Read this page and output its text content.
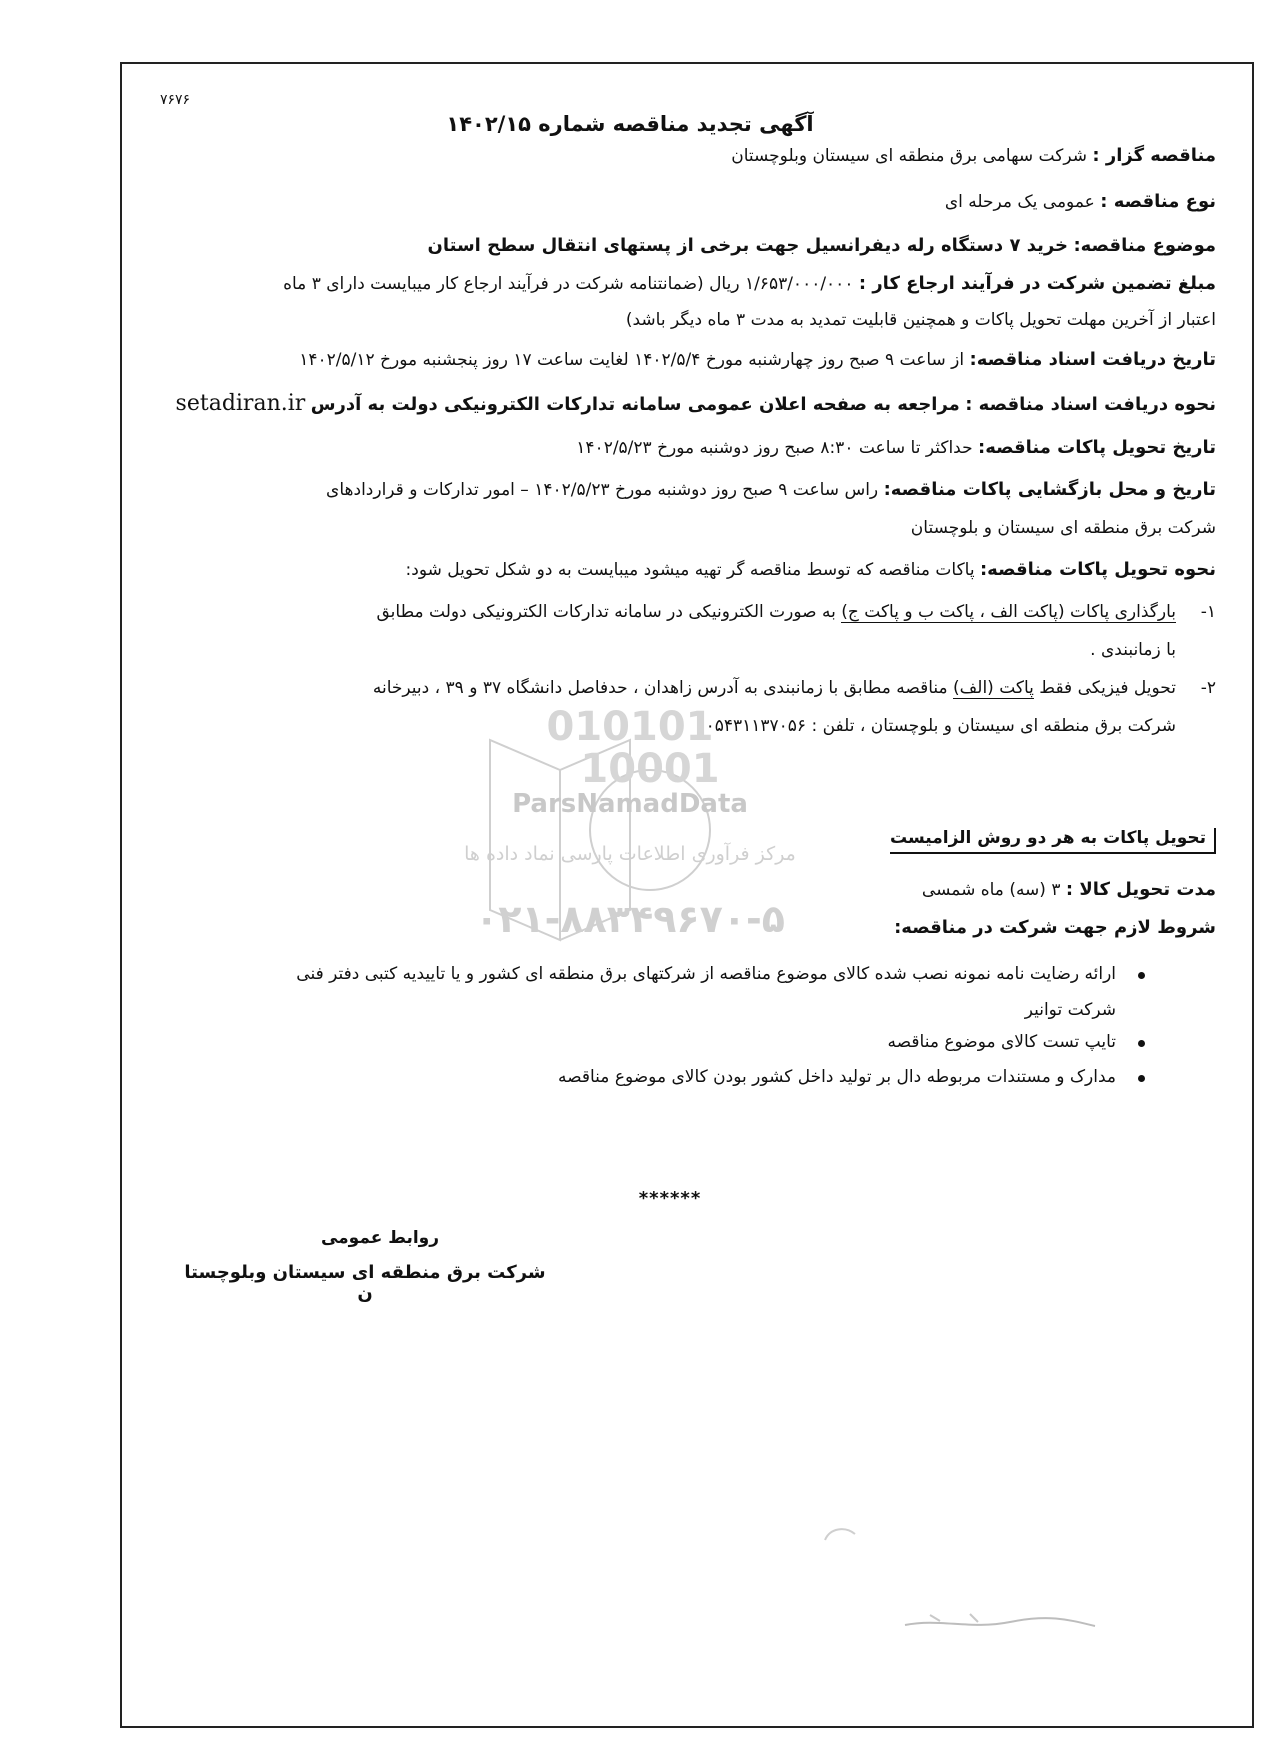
۷۶۷۶
آگهی تجدید مناقصه شماره ۱۴۰۲/۱۵
010101
10001
ParsNamadData
مرکز فرآوری اطلاعات پارسی نماد داده ها
۰۲۱-۸۸۳۴۹۶۷۰-۵
مناقصه گزار : شرکت سهامی برق منطقه ای سیستان وبلوچستان
نوع مناقصه : عمومی یک مرحله ای
موضوع مناقصه: خرید ۷ دستگاه رله دیفرانسیل جهت برخی از پستهای انتقال سطح استان
مبلغ تضمین شرکت در فرآیند ارجاع کار : ۱/۶۵۳/۰۰۰/۰۰۰ ریال (ضمانتنامه شرکت در فرآیند ارجاع کار میبایست دارای ۳ ماه
اعتبار از آخرین مهلت تحویل پاکات و همچنین قابلیت تمدید به مدت ۳ ماه دیگر باشد)
تاریخ دریافت اسناد مناقصه: از ساعت ۹ صبح روز چهارشنبه مورخ ۱۴۰۲/۵/۴ لغایت ساعت ۱۷ روز پنجشنبه مورخ ۱۴۰۲/۵/۱۲
نحوه دریافت اسناد مناقصه : مراجعه به صفحه اعلان عمومی سامانه تدارکات الکترونیکی دولت به آدرس setadiran.ir
تاریخ تحویل پاکات مناقصه: حداکثر تا ساعت ۸:۳۰ صبح روز دوشنبه مورخ ۱۴۰۲/۵/۲۳
تاریخ و محل بازگشایی پاکات مناقصه: راس ساعت ۹ صبح روز دوشنبه مورخ ۱۴۰۲/۵/۲۳ – امور تدارکات و قراردادهای
شرکت برق منطقه ای سیستان و بلوچستان
نحوه تحویل پاکات مناقصه: پاکات مناقصه که توسط مناقصه گر تهیه میشود میبایست به دو شکل تحویل شود:
۱-
بارگذاری پاکات (پاکت الف ، پاکت ب و پاکت ج) به صورت الکترونیکی در سامانه تدارکات الکترونیکی دولت مطابق
با زمانبندی .
۲-
تحویل فیزیکی فقط پاکت (الف) مناقصه مطابق با زمانبندی به آدرس زاهدان ، حدفاصل دانشگاه ۳۷ و ۳۹ ، دبیرخانه
شرکت برق منطقه ای سیستان و بلوچستان ، تلفن : ۰۵۴۳۱۱۳۷۰۵۶
تحویل پاکات به هر دو روش الزامیست
مدت تحویل کالا : ۳ (سه) ماه شمسی
شروط لازم جهت شرکت در مناقصه:
ارائه رضایت نامه نمونه نصب شده کالای موضوع مناقصه از شرکتهای برق منطقه ای کشور و یا تاییدیه کتبی دفتر فنی
شرکت توانیر
تایپ تست کالای موضوع مناقصه
مدارک و مستندات مربوطه دال بر تولید داخل کشور بودن کالای موضوع مناقصه
******
روابط عمومی
شرکت برق منطقه ای سیستان وبلوچستا ن
